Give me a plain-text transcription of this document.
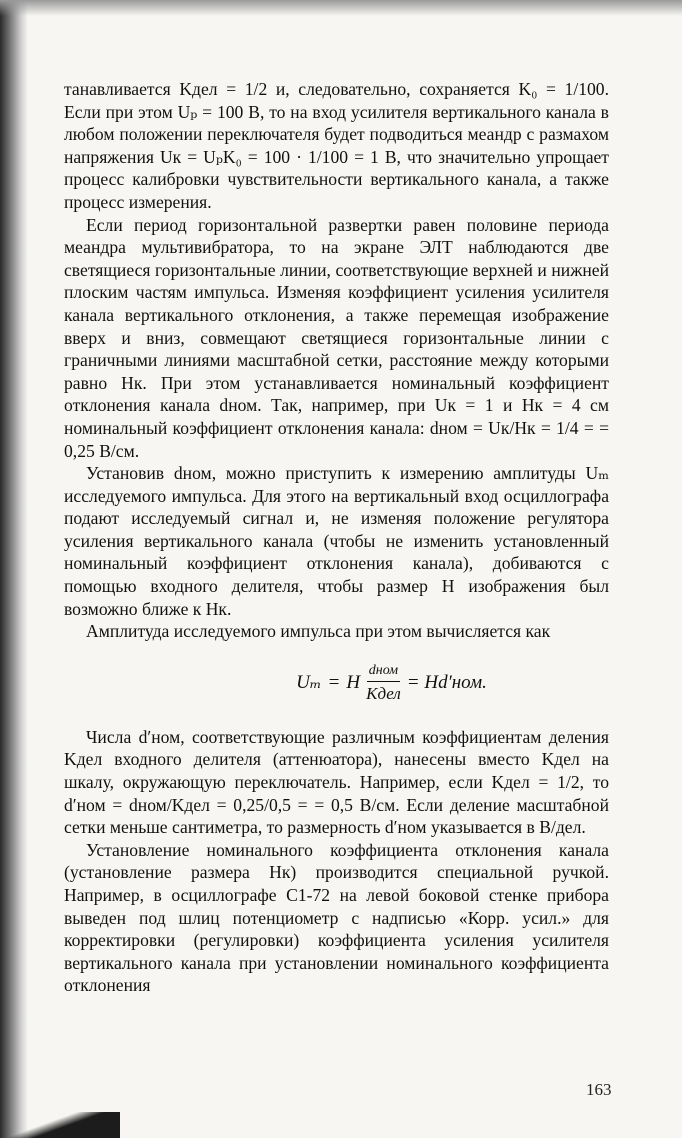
танавливается Kдел = 1/2 и, следовательно, сохраняется K₀ = 1/100. Если при этом Uₚ = 100 В, то на вход усилителя вертикального канала в любом положении переключателя будет подводиться меандр с размахом напряжения Uк = UₚK₀ = 100 · 1/100 = 1 В, что значительно упрощает процесс калибровки чувствительности вертикального канала, а также процесс измерения.

Если период горизонтальной развертки равен половине периода меандра мультивибратора, то на экране ЭЛТ наблюдаются две светящиеся горизонтальные линии, соответствующие верхней и нижней плоским частям импульса. Изменяя коэффициент усиления усилителя канала вертикального отклонения, а также перемещая изображение вверх и вниз, совмещают светящиеся горизонтальные линии с граничными линиями масштабной сетки, расстояние между которыми равно Hк. При этом устанавливается номинальный коэффициент отклонения канала dном. Так, например, при Uк = 1 и Hк = 4 см номинальный коэффициент отклонения канала: dном = Uк/Hк = 1/4 = = 0,25 В/см.

Установив dном, можно приступить к измерению амплитуды Uₘ исследуемого импульса. Для этого на вертикальный вход осциллографа подают исследуемый сигнал и, не изменяя положение регулятора усиления вертикального канала (чтобы не изменить установленный номинальный коэффициент отклонения канала), добиваются с помощью входного делителя, чтобы размер H изображения был возможно ближе к Hк.

Амплитуда исследуемого импульса при этом вычисляется как

Uₘ = H $\frac{\text{dном}}{\text{Kдел}} = Hd'ном$.

Числа d′ном, соответствующие различным коэффициентам деления Kдел входного делителя (аттенюатора), нанесены вместо Kдел на шкалу, окружающую переключатель. Например, если Kдел = 1/2, то d′ном = dном/Kдел = 0,25/0,5 = = 0,5 В/см. Если деление масштабной сетки меньше сантиметра, то размерность d′ном указывается в В/дел.

Установление номинального коэффициента отклонения канала (установление размера Hк) производится специальной ручкой. Например, в осциллографе С1-72 на левой боковой стенке прибора выведен под шлиц потенциометр с надписью «Корр. усил.» для корректировки (регулировки) коэффициента усиления усилителя вертикального канала при установлении номинального коэффициента отклонения

163
